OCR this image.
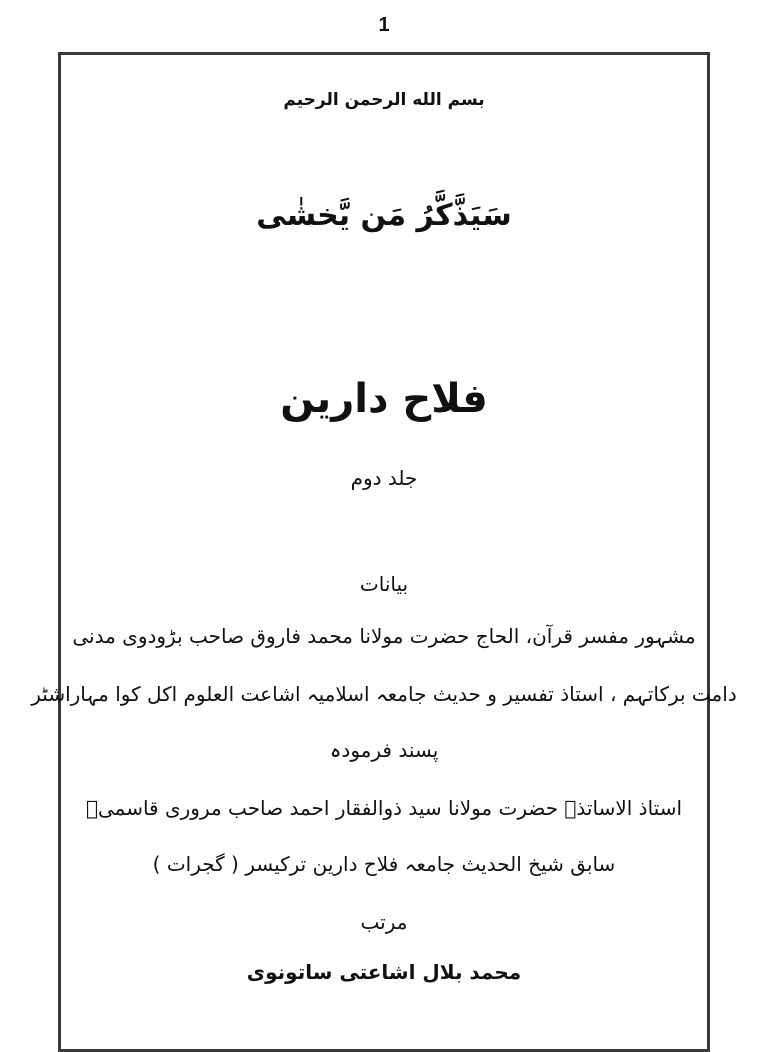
1
بسم الله الرحمن الرحیم
سَیَذَّکَّرُ مَن یَّخشٰی
فلاح دارین
جلد دوم
بیانات
مشہور مفسر قرآن، الحاج حضرت مولانا محمد فاروق صاحب بڑودوی مدنی
دامت برکاتہم ، استاذ تفسیر و حدیث جامعہ اسلامیہ اشاعت العلوم اکل کوا مہاراشٹر
پسند فرمودہ
استاذ الاساتذہ حضرت مولانا سید ذوالفقار احمد صاحب مروری قاسمیؒ
سابق شیخ الحدیث جامعہ فلاح دارین ترکیسر ( گجرات )
مرتب
محمد بلال اشاعتی ساتونوی
